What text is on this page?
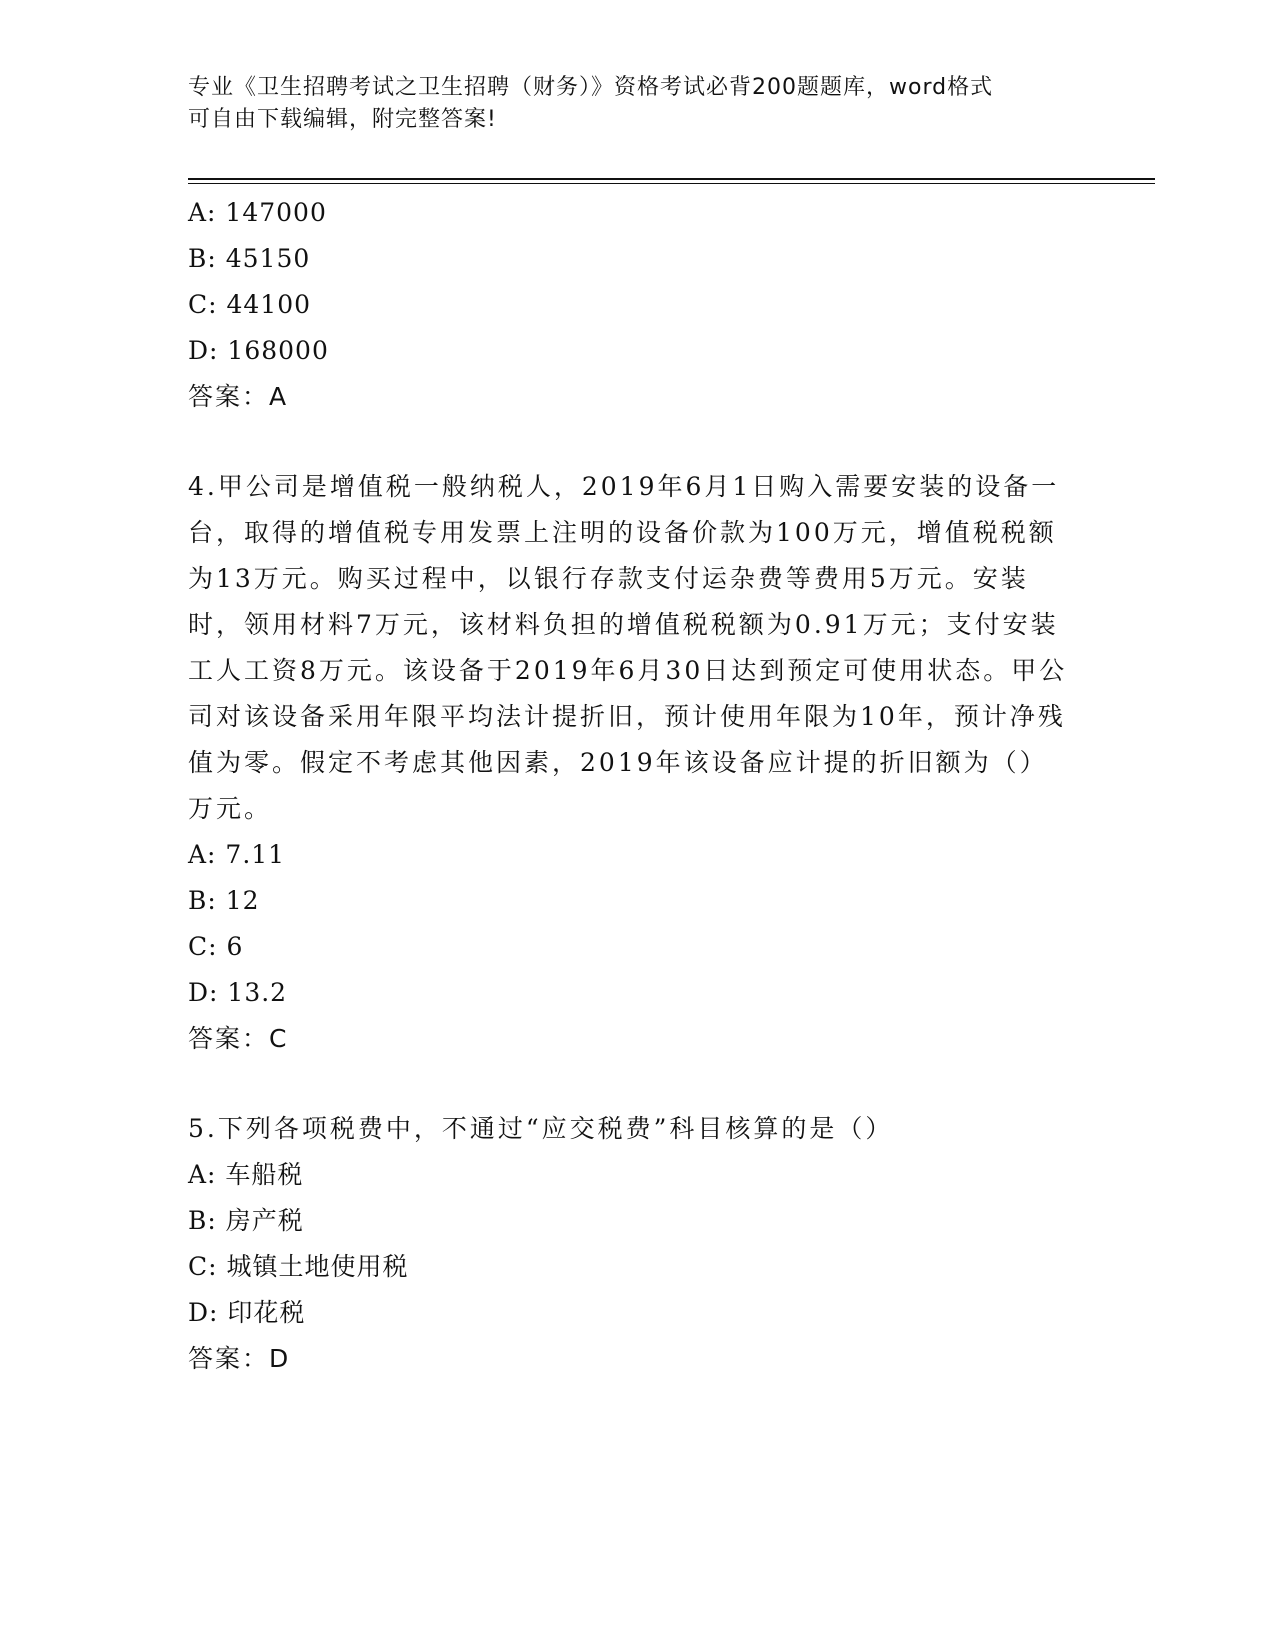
专业《卫生招聘考试之卫生招聘（财务）》资格考试必背200题题库，word格式
可自由下载编辑，附完整答案!
A: 147000
B: 45150
C: 44100
D: 168000
答案：A
4.甲公司是增值税一般纳税人，2019年6月1日购入需要安装的设备一台，取得的增值税专用发票上注明的设备价款为100万元，增值税税额为13万元。购买过程中，以银行存款支付运杂费等费用5万元。安装时，领用材料7万元，该材料负担的增值税税额为0.91万元；支付安装工人工资8万元。该设备于2019年6月30日达到预定可使用状态。甲公司对该设备采用年限平均法计提折旧，预计使用年限为10年，预计净残值为零。假定不考虑其他因素，2019年该设备应计提的折旧额为（）万元。
A: 7.11
B: 12
C: 6
D: 13.2
答案：C
5.下列各项税费中，不通过“应交税费”科目核算的是（）
A: 车船税
B: 房产税
C: 城镇土地使用税
D: 印花税
答案：D
